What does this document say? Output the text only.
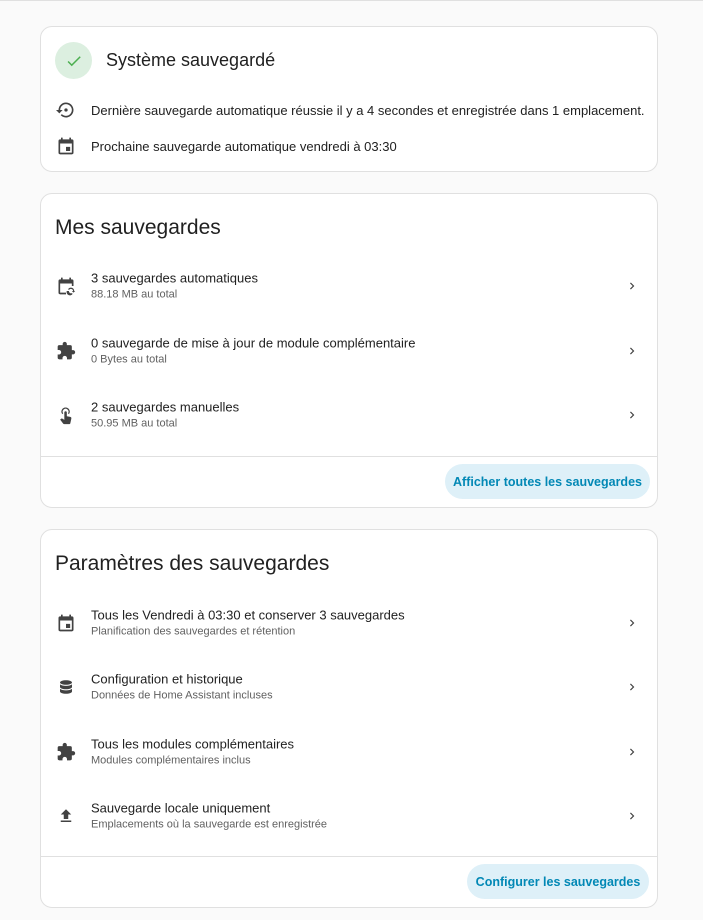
Système sauvegardé
Dernière sauvegarde automatique réussie il y a 4 secondes et enregistrée dans 1 emplacement.
Prochaine sauvegarde automatique vendredi à 03:30
Mes sauvegardes
3 sauvegardes automatiques
88.18 MB au total
0 sauvegarde de mise à jour de module complémentaire
0 Bytes au total
2 sauvegardes manuelles
50.95 MB au total
Afficher toutes les sauvegardes
Paramètres des sauvegardes
Tous les Vendredi à 03:30 et conserver 3 sauvegardes
Planification des sauvegardes et rétention
Configuration et historique
Données de Home Assistant incluses
Tous les modules complémentaires
Modules complémentaires inclus
Sauvegarde locale uniquement
Emplacements où la sauvegarde est enregistrée
Configurer les sauvegardes
